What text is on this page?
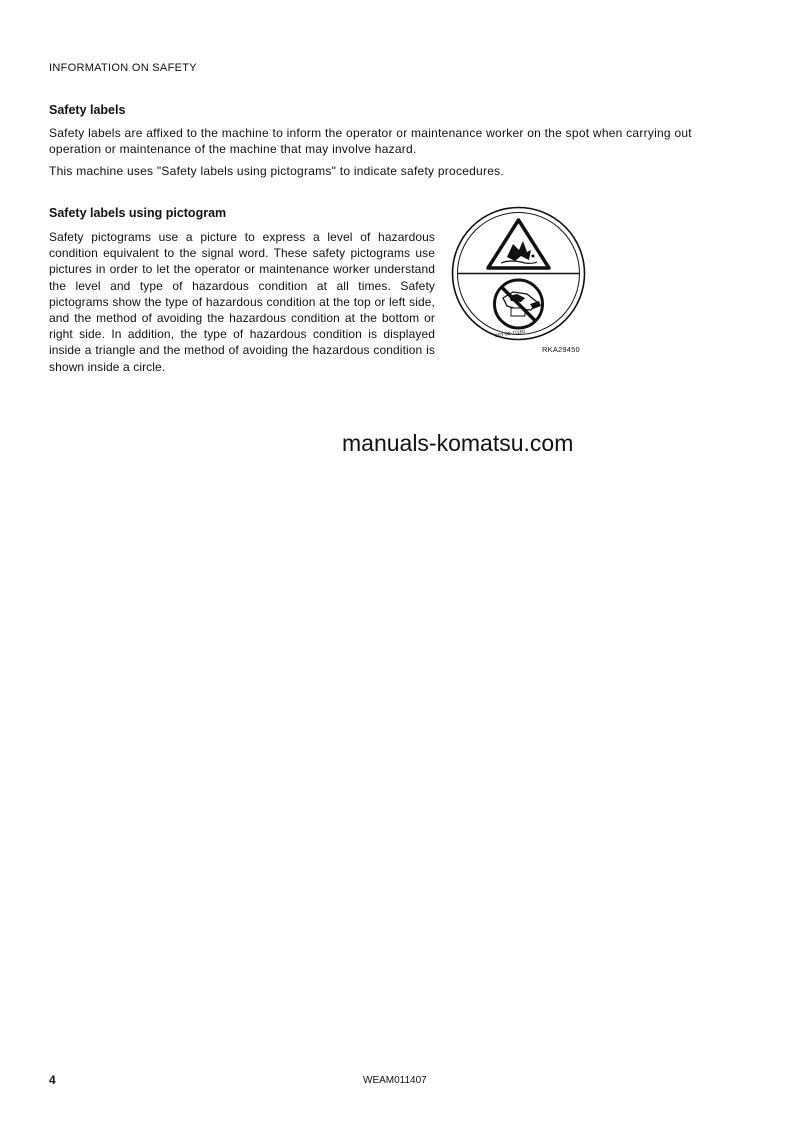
INFORMATION ON SAFETY
Safety labels
Safety labels are affixed to the machine to inform the operator or maintenance worker on the spot when carrying out operation or maintenance of the machine that may involve hazard.
This machine uses "Safety labels using pictograms" to indicate safety procedures.
Safety labels using pictogram
Safety pictograms use a picture to express a level of hazardous condition equivalent to the signal word. These safety pictograms use pictures in order to let the operator or maintenance worker understand the level and type of hazardous condition at all times. Safety pictograms show the type of hazardous condition at the top or left side, and the method of avoiding the hazardous condition at the bottom or right side. In addition, the type of hazardous condition is displayed inside a triangle and the method of avoiding the hazardous condition is shown inside a circle.
20Y-98-11160
RKA29450
manuals-komatsu.com
4	WEAM011407
